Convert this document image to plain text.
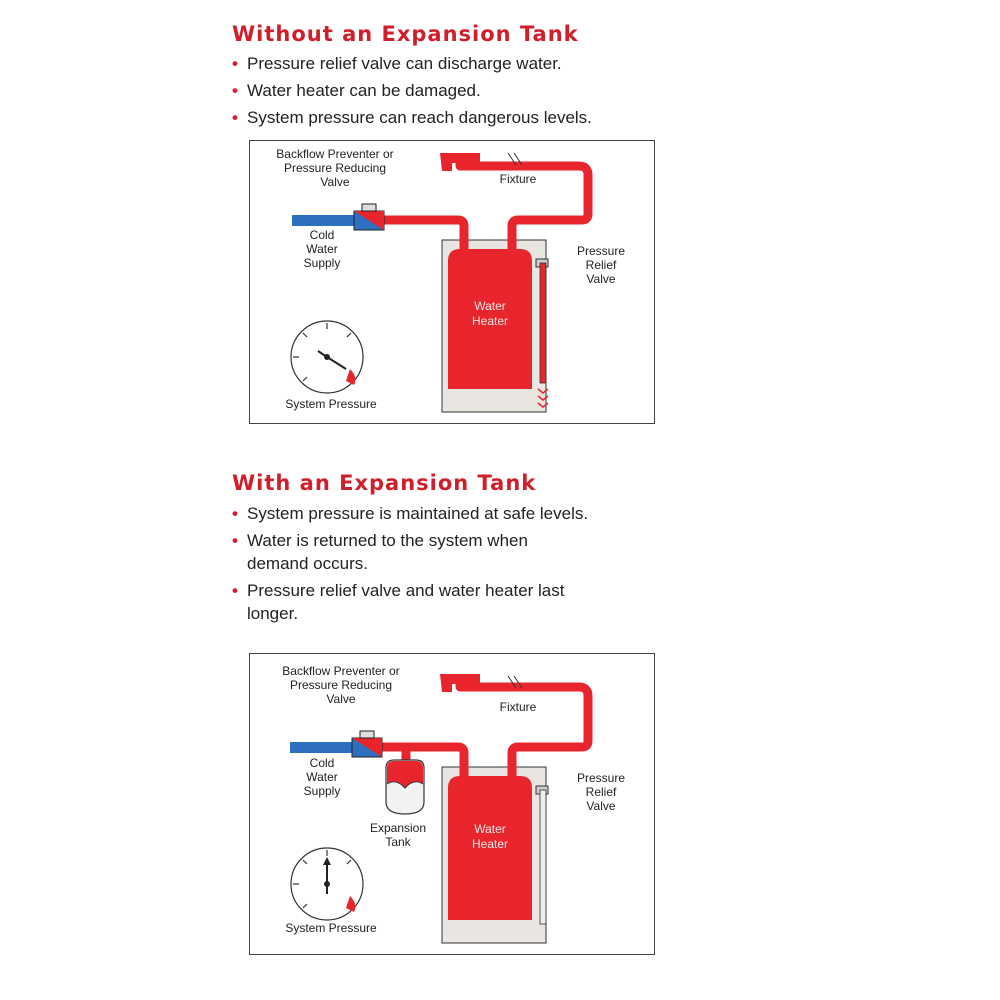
Without an Expansion Tank
• Pressure relief valve can discharge water.
• Water heater can be damaged.
• System pressure can reach dangerous levels.
Backflow Preventer or
Pressure Reducing
Valve	Fixture
Cold
Water
Supply
Pressure
Relief
Valve
Water
Heater
System Pressure
With an Expansion Tank
• System pressure is maintained at safe levels.
• Water is returned to the system when demand occurs.
• Pressure relief valve and water heater last longer.
Backflow Preventer or
Pressure Reducing
Valve
Fixture
Cold
Water
Supply
Pressure
Relief
Valve
Expansion
Tank
Water
Heater
System Pressure
